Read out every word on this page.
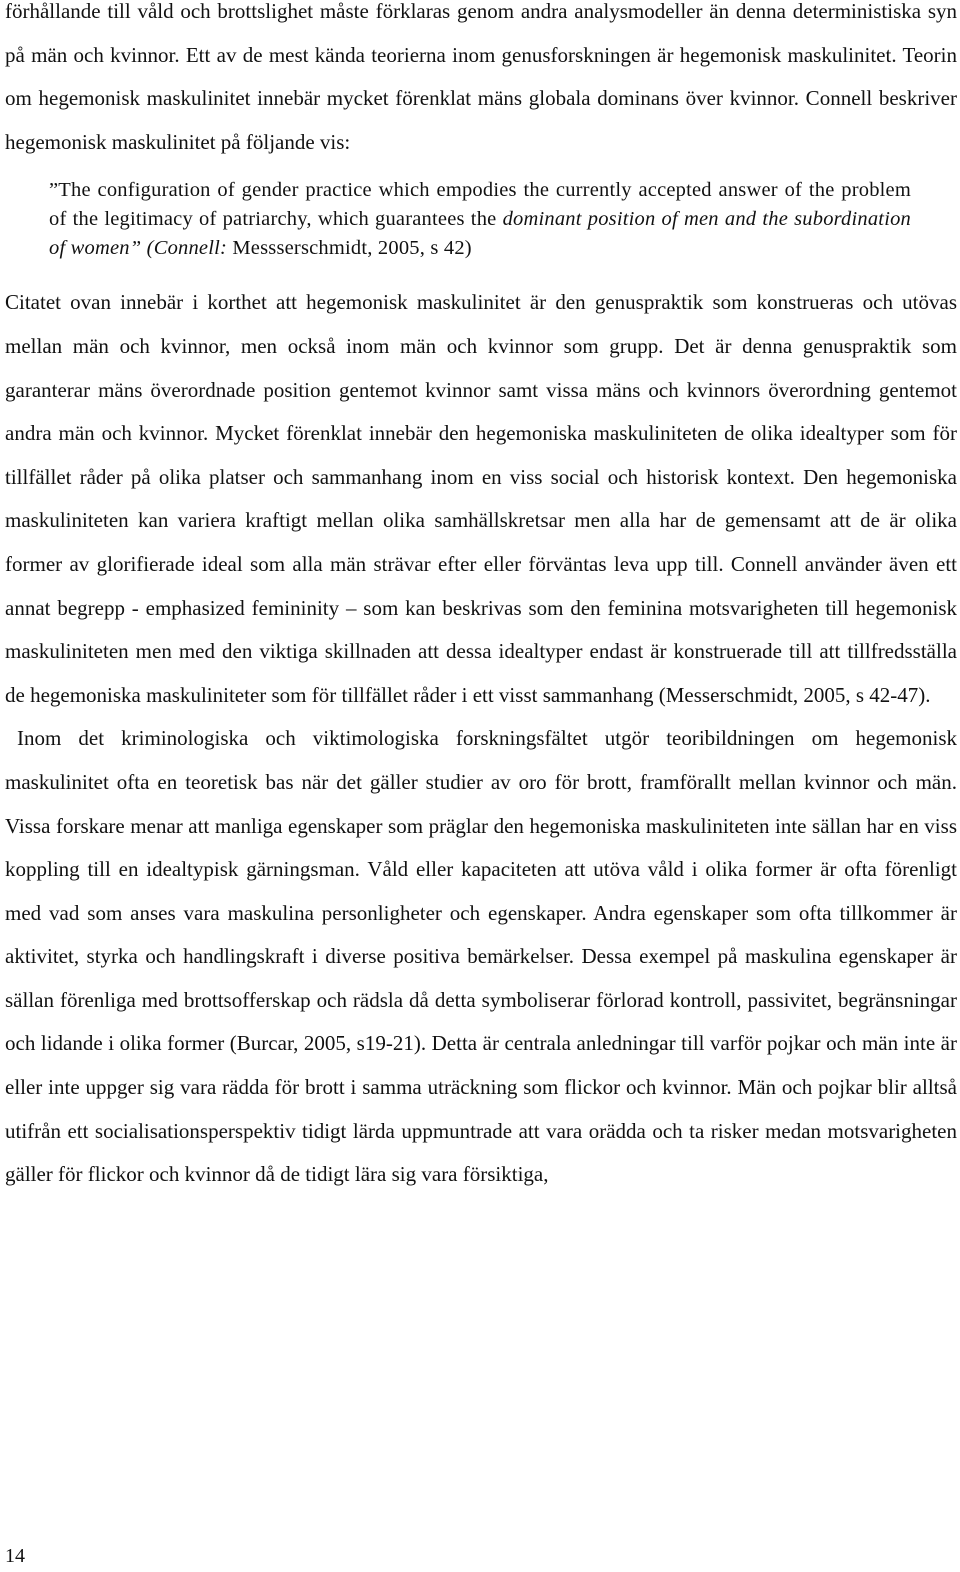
förhållande till våld och brottslighet måste förklaras genom andra analysmodeller än denna deterministiska syn på män och kvinnor. Ett av de mest kända teorierna inom genusforskningen är hegemonisk maskulinitet. Teorin om hegemonisk maskulinitet innebär mycket förenklat mäns globala dominans över kvinnor. Connell beskriver hegemonisk maskulinitet på följande vis:

”The configuration of gender practice which empodies the currently accepted answer of the problem of the legitimacy of patriarchy, which guarantees the dominant position of men and the subordination of women” (Connell: Messserschmidt, 2005, s 42)

Citatet ovan innebär i korthet att hegemonisk maskulinitet är den genuspraktik som konstrueras och utövas mellan män och kvinnor, men också inom män och kvinnor som grupp. Det är denna genuspraktik som garanterar mäns överordnade position gentemot kvinnor samt vissa mäns och kvinnors överordning gentemot andra män och kvinnor. Mycket förenklat innebär den hegemoniska maskuliniteten de olika idealtyper som för tillfället råder på olika platser och sammanhang inom en viss social och historisk kontext. Den hegemoniska maskuliniteten kan variera kraftigt mellan olika samhällskretsar men alla har de gemensamt att de är olika former av glorifierade ideal som alla män strävar efter eller förväntas leva upp till. Connell använder även ett annat begrepp - emphasized femininity – som kan beskrivas som den feminina motsvarigheten till hegemonisk maskuliniteten men med den viktiga skillnaden att dessa idealtyper endast är konstruerade till att tillfredsställa de hegemoniska maskuliniteter som för tillfället råder i ett visst sammanhang (Messerschmidt, 2005, s 42-47).

Inom det kriminologiska och viktimologiska forskningsfältet utgör teoribildningen om hegemonisk maskulinitet ofta en teoretisk bas när det gäller studier av oro för brott, framförallt mellan kvinnor och män. Vissa forskare menar att manliga egenskaper som präglar den hegemoniska maskuliniteten inte sällan har en viss koppling till en idealtypisk gärningsman. Våld eller kapaciteten att utöva våld i olika former är ofta förenligt med vad som anses vara maskulina personligheter och egenskaper. Andra egenskaper som ofta tillkommer är aktivitet, styrka och handlingskraft i diverse positiva bemärkelser. Dessa exempel på maskulina egenskaper är sällan förenliga med brottsofferskap och rädsla då detta symboliserar förlorad kontroll, passivitet, begränsningar och lidande i olika former (Burcar, 2005, s19-21). Detta är centrala anledningar till varför pojkar och män inte är eller inte uppger sig vara rädda för brott i samma uträckning som flickor och kvinnor. Män och pojkar blir alltså utifrån ett socialisationsperspektiv tidigt lärda uppmuntrade att vara orädda och ta risker medan motsvarigheten gäller för flickor och kvinnor då de tidigt lära sig vara försiktiga,

14
